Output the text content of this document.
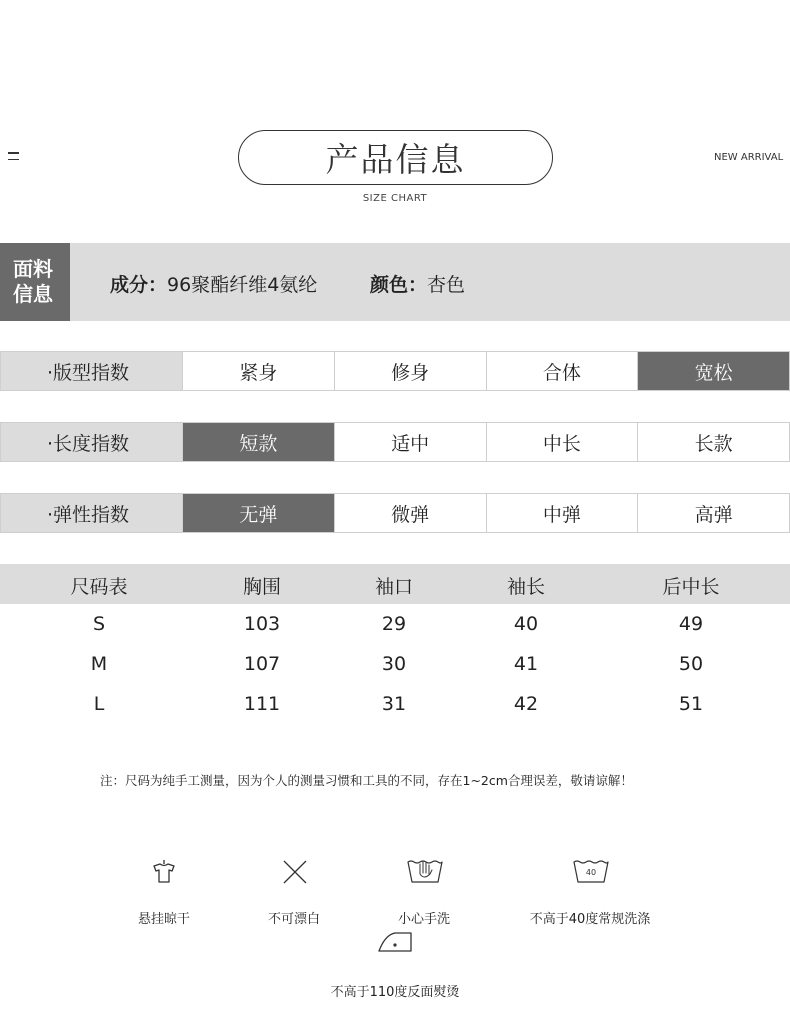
产品信息
SIZE CHART
NEW ARRIVAL
面料
信息	成分：96聚酯纤维4氨纶	颜色：杏色
·版型指数	紧身	修身	合体	宽松
·长度指数	短款	适中	中长	长款
·弹性指数	无弹	微弹	中弹	高弹
尺码表	胸围	袖口	袖长	后中长
S	103	29	40	49
M	107	30	41	50
L	111	31	42	51
注：尺码为纯手工测量，因为个人的测量习惯和工具的不同，存在1~2cm合理误差，敬请谅解！
40
悬挂晾干	不可漂白	小心手洗	不高于40度常规洗涤
不高于110度反面熨烫
